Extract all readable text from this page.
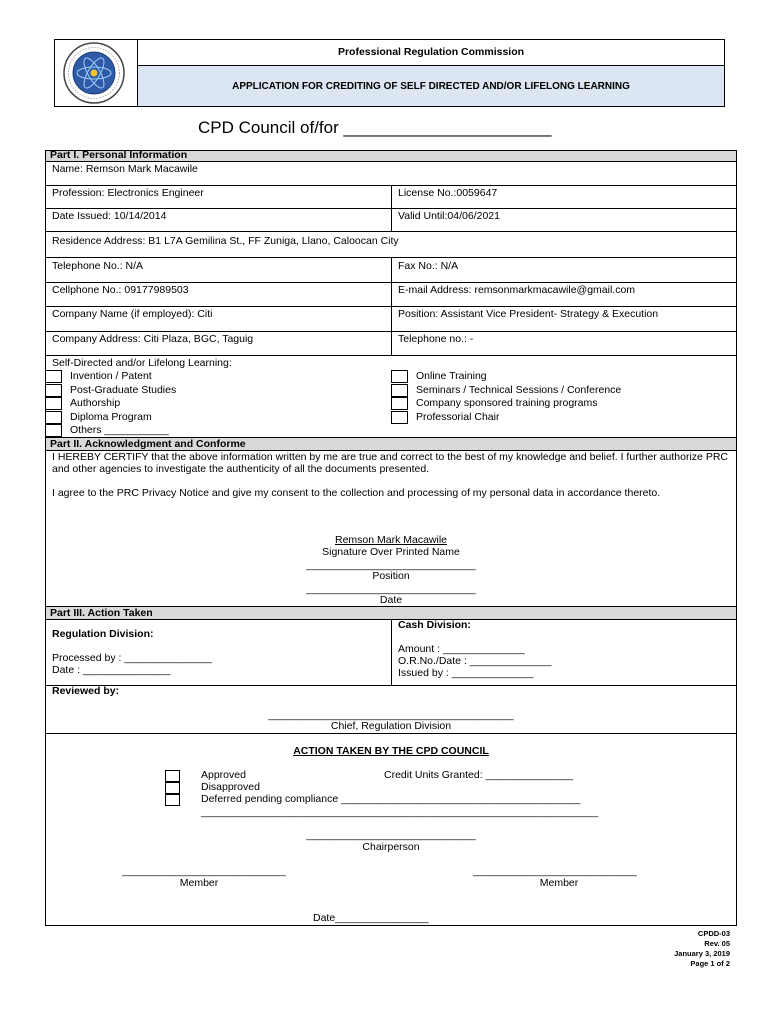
Professional Regulation Commission
APPLICATION FOR CREDITING OF SELF DIRECTED AND/OR LIFELONG LEARNING
CPD Council of/for ______________________
Part I. Personal Information
Name: Remson Mark Macawile
Profession: Electronics Engineer	License No.:0059647
Date Issued: 10/14/2014	Valid Until:04/06/2021
Residence Address: B1 L7A Gemilina St., FF Zuniga, Llano, Caloocan City
Telephone No.: N/A	Fax No.: N/A
Cellphone No.: 09177989503	E-mail Address: remsonmarkmacawile@gmail.com
Company Name (if employed): Citi	Position: Assistant Vice President- Strategy & Execution
Company Address: Citi Plaza, BGC, Taguig	Telephone no.: -
Self-Directed and/or Lifelong Learning:
Invention / Patent
Post-Graduate Studies
Authorship
Diploma Program
Others ___________
Online Training
Seminars / Technical Sessions / Conference
Company sponsored training programs
Professorial Chair
Part II. Acknowledgment and Conforme
I HEREBY CERTIFY that the above information written by me are true and correct to the best of my knowledge and belief. I further authorize PRC and other agencies to investigate the authenticity of all the documents presented.
I agree to the PRC Privacy Notice and give my consent to the collection and processing of my personal data in accordance thereto.
Remson Mark Macawile
Signature Over Printed Name
_____________________________
Position
_____________________________
Date
Part III. Action Taken
Regulation Division:
Processed by : _______________
Date : _______________
Cash Division:
Amount : ______________
O.R.No./Date : ______________
Issued by : ______________
Reviewed by:
__________________________________________
Chief, Regulation Division
ACTION TAKEN BY THE CPD COUNCIL
Approved	Credit Units Granted: _______________
Disapproved
Deferred pending compliance _________________________________________
____________________________________________________________________
_____________________________
Chairperson
____________________________
Member
____________________________
Member
Date________________
CPDD-03
Rev. 05
January 3, 2019
Page 1 of 2
